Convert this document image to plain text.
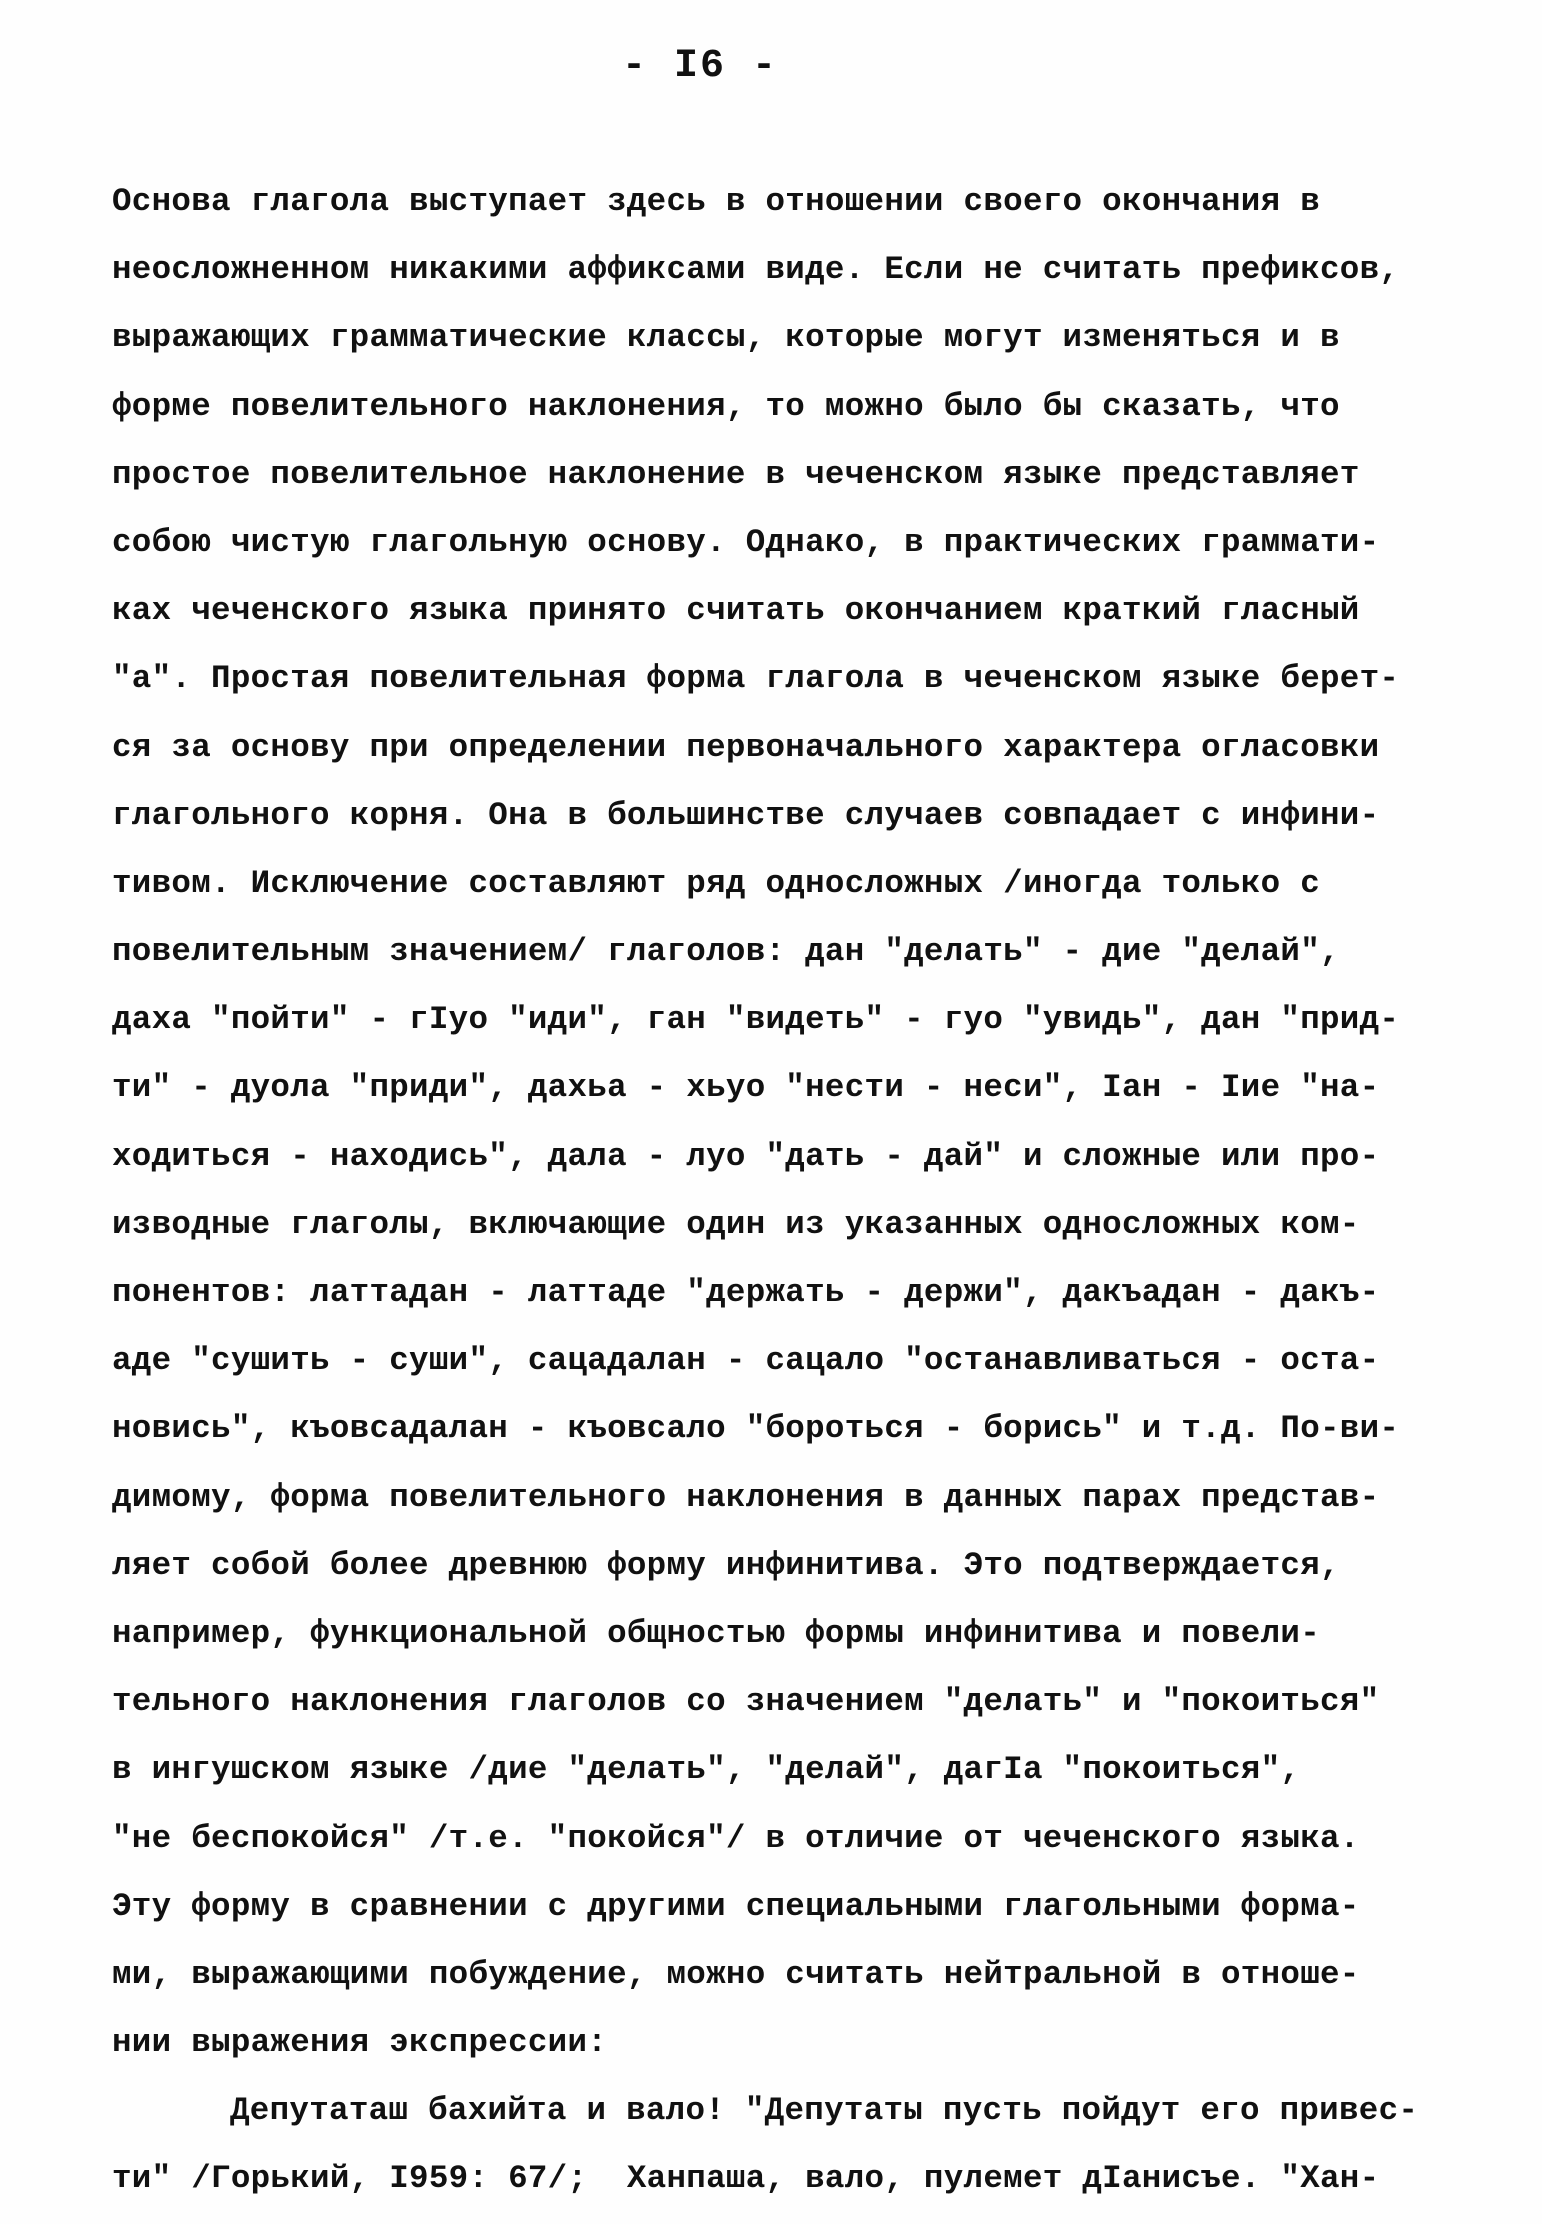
- I6 -
Основа глагола выступает здесь в отношении своего окончания в
неосложненном никакими аффиксами виде. Если не считать префиксов,
выражающих грамматические классы, которые могут изменяться и в
форме повелительного наклонения, то можно было бы сказать, что
простое повелительное наклонение в чеченском языке представляет
собою чистую глагольную основу. Однако, в практических граммати-
ках чеченского языка принято считать окончанием краткий гласный
"а". Простая повелительная форма глагола в чеченском языке берет-
ся за основу при определении первоначального характера огласовки
глагольного корня. Она в большинстве случаев совпадает с инфини-
тивом. Исключение составляют ряд односложных /иногда только с
повелительным значением/ глаголов: дан "делать" - дие "делай",
даха "пойти" - гIуо "иди", ган "видеть" - гуо "увидь", дан "прид-
ти" - дуола "приди", дахьа - хьуо "нести - неси", Iан - Iие "на-
ходиться - находись", дала - луо "дать - дай" и сложные или про-
изводные глаголы, включающие один из указанных односложных ком-
понентов: латтадан - латтаде "держать - держи", дакъадан - дакъ-
аде "сушить - суши", сацадалан - сацало "останавливаться - оста-
новись", къовсадалан - къовсало "бороться - борись" и т.д. По-ви-
димому, форма повелительного наклонения в данных парах представ-
ляет собой более древнюю форму инфинитива. Это подтверждается,
например, функциональной общностью формы инфинитива и повели-
тельного наклонения глаголов со значением "делать" и "покоиться"
в ингушском языке /дие "делать", "делай", дагIа "покоиться",
"не беспокойся" /т.е. "покойся"/ в отличие от чеченского языка.
Эту форму в сравнении с другими специальными глагольными форма-
ми, выражающими побуждение, можно считать нейтральной в отноше-
нии выражения экспрессии:
Депутаташ бахийта и вало! "Депутаты пусть пойдут его привес-
ти" /Горький, I959: 67/;  Ханпаша, вало, пулемет дIанисъе. "Хан-
